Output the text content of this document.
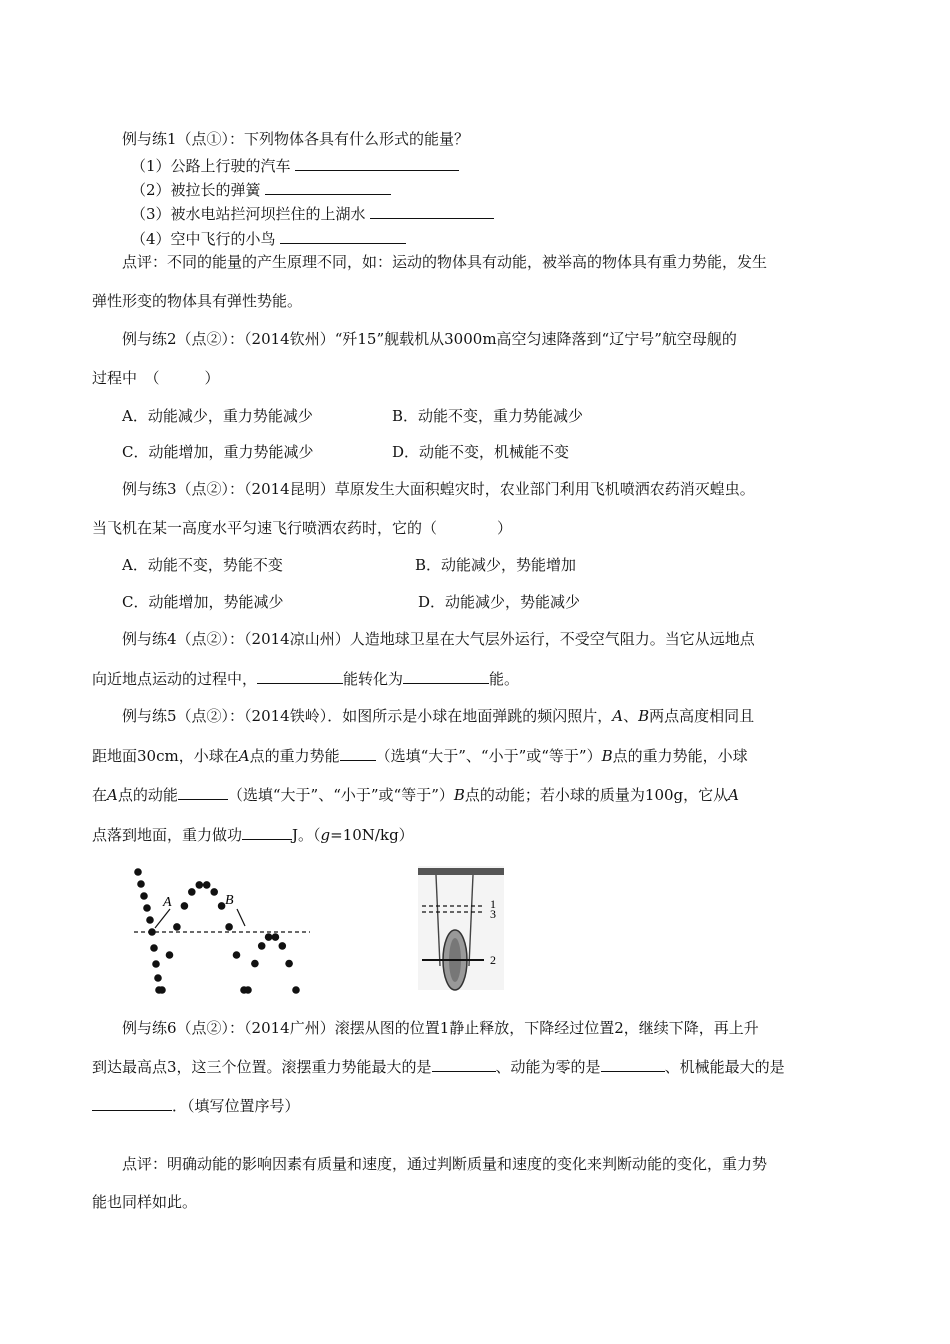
例与练1（点①）：下列物体各具有什么形式的能量？
（1）公路上行驶的汽车
（2）被拉长的弹簧
（3）被水电站拦河坝拦住的上湖水
（4）空中飞行的小鸟
点评：不同的能量的产生原理不同，如：运动的物体具有动能，被举高的物体具有重力势能，发生
弹性形变的物体具有弹性势能。
例与练2（点②）：（2014钦州）“歼15”舰载机从3000m高空匀速降落到“辽宁号”航空母舰的
过程中　（　　　）
A．动能减少，重力势能减少	B．动能不变，重力势能减少
C．动能增加，重力势能减少	D．动能不变，机械能不变
例与练3（点②）：（2014昆明）草原发生大面积蝗灾时，农业部门利用飞机喷洒农药消灭蝗虫。
当飞机在某一高度水平匀速飞行喷洒农药时，它的（　　　　）
A．动能不变，势能不变	B．动能减少，势能增加
C．动能增加，势能减少	D．动能减少，势能减少
例与练4（点②）：（2014凉山州）人造地球卫星在大气层外运行，不受空气阻力。当它从远地点
向近地点运动的过程中，	能转化为	能。
例与练5（点②）：（2014铁岭）．如图所示是小球在地面弹跳的频闪照片，A、B两点高度相同且
距地面30cm，小球在A点的重力势能 （选填“大于”、“小于”或“等于”）B点的重力势能，小球
在A点的动能	（选填“大于”、“小于”或“等于”）B点的动能；若小球的质量为100g，它从A
点落到地面，重力做功	J。（g=10N/kg）
A	B	1
3
2
例与练6（点②）：（2014广州）滚摆从图的位置1静止释放，下降经过位置2，继续下降，再上升
到达最高点3，这三个位置。滚摆重力势能最大的是	、动能为零的是	、机械能最大的是
．（填写位置序号）
点评：明确动能的影响因素有质量和速度，通过判断质量和速度的变化来判断动能的变化，重力势
能也同样如此。
